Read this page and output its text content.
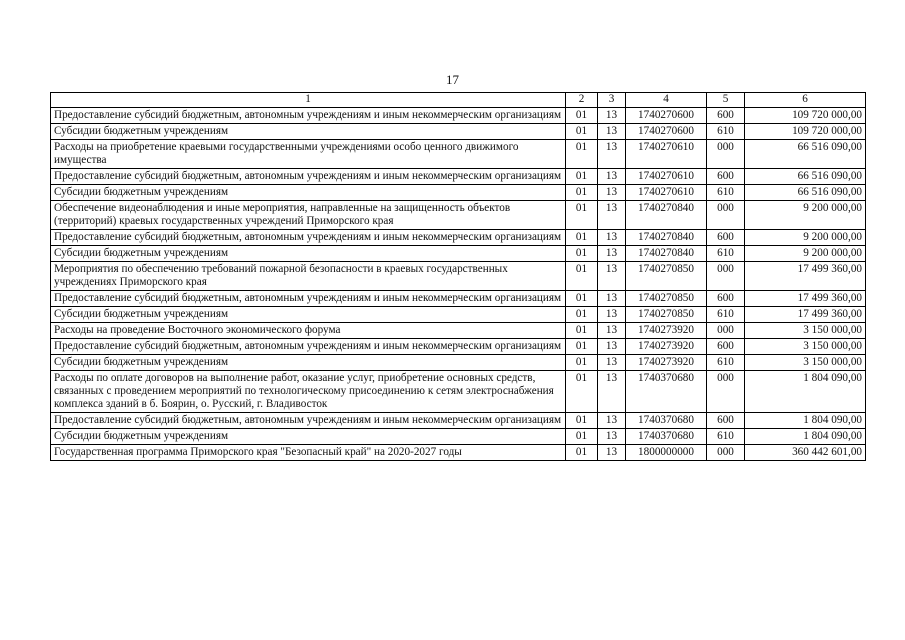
17
1	2	3	4	5	6
Предоставление субсидий бюджетным, автономным учреждениям и иным некоммерческим организациям	01	13	1740270600	600	109 720 000,00
Субсидии бюджетным учреждениям	01	13	1740270600	610	109 720 000,00
Расходы на приобретение краевыми государственными учреждениями особо ценного движимого имущества	01	13	1740270610	000	66 516 090,00
Предоставление субсидий бюджетным, автономным учреждениям и иным некоммерческим организациям	01	13	1740270610	600	66 516 090,00
Субсидии бюджетным учреждениям	01	13	1740270610	610	66 516 090,00
Обеспечение видеонаблюдения и иные мероприятия, направленные на защищенность объектов (территорий) краевых государственных учреждений Приморского края	01	13	1740270840	000	9 200 000,00
Предоставление субсидий бюджетным, автономным учреждениям и иным некоммерческим организациям	01	13	1740270840	600	9 200 000,00
Субсидии бюджетным учреждениям	01	13	1740270840	610	9 200 000,00
Мероприятия по обеспечению требований пожарной безопасности в краевых государственных учреждениях Приморского края	01	13	1740270850	000	17 499 360,00
Предоставление субсидий бюджетным, автономным учреждениям и иным некоммерческим организациям	01	13	1740270850	600	17 499 360,00
Субсидии бюджетным учреждениям	01	13	1740270850	610	17 499 360,00
Расходы на проведение Восточного экономического форума	01	13	1740273920	000	3 150 000,00
Предоставление субсидий бюджетным, автономным учреждениям и иным некоммерческим организациям	01	13	1740273920	600	3 150 000,00
Субсидии бюджетным учреждениям	01	13	1740273920	610	3 150 000,00
Расходы по оплате договоров на выполнение работ, оказание услуг, приобретение основных средств, связанных с проведением мероприятий по технологическому присоединению к сетям электроснабжения комплекса зданий в б. Боярин, о. Русский, г. Владивосток	01	13	1740370680	000	1 804 090,00
Предоставление субсидий бюджетным, автономным учреждениям и иным некоммерческим организациям	01	13	1740370680	600	1 804 090,00
Субсидии бюджетным учреждениям	01	13	1740370680	610	1 804 090,00
Государственная программа Приморского края "Безопасный край" на 2020-2027 годы	01	13	1800000000	000	360 442 601,00
